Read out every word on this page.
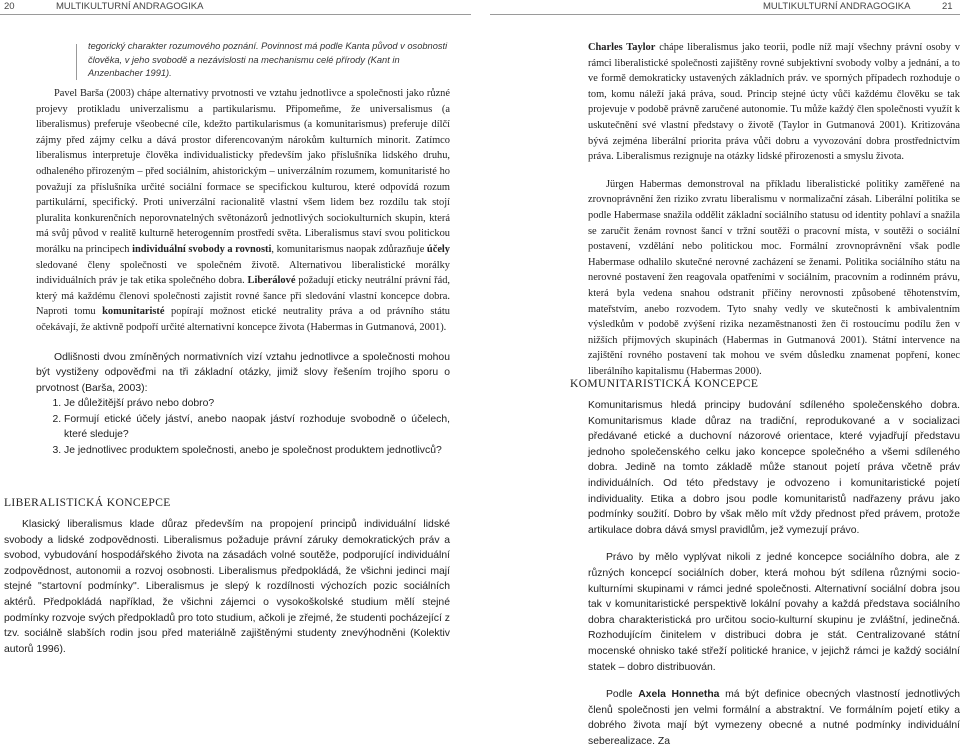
20	MULTIKULTURNÍ ANDRAGOGIKA	MULTIKULTURNÍ ANDRAGOGIKA	21
tegorický charakter rozumového poznání. Povinnost má podle Kanta původ v osobnosti člověka, v jeho svobodě a nezávislosti na mechanismu celé přírody (Kant in Anzenbacher 1991).

Pavel Barša (2003) chápe alternativy prvotnosti ve vztahu jednotlivce a společnosti jako různé projevy protikladu univerzalismu a partikularismu. Připomeňme, že universalismus (a liberalismus) preferuje všeobecné cíle, kdežto partikularismus (a komunitarismus) preferuje dílčí zájmy před zájmy celku a dává prostor diferencovaným nárokům kulturních minorit. Zatímco liberalismus interpretuje člověka individualisticky především jako příslušníka lidského druhu, odhaleného přirozeným – před sociálním, ahistorickým – univerzálním rozumem, komunitaristé ho považují za příslušníka určité sociální formace se specifickou kulturou, které odpovídá rozum partikulární, specifický. Proti univerzální racionalitě vlastní všem lidem bez rozdílu tak stojí pluralita konkurenčních neporovnatelných světonázorů jednotlivých sociokulturních skupin, která má svůj původ v realitě kulturně heterogenním prostředí světa. Liberalismus staví svou politickou morálku na principech individuální svobody a rovnosti, komunitarismus naopak zdůrazňuje účely sledované členy společnosti ve společném životě. Alternativou liberalistické morálky individuálních práv je tak etika společného dobra. Liberálové požadují eticky neutrální právní řád, který má každému členovi společnosti zajistit rovné šance při sledování vlastní koncepce dobra. Naproti tomu komunitaristé popírají možnost etické neutrality práva a od právního státu očekávají, že aktivně podpoří určité alternativní koncepce života (Habermas in Gutmanová, 2001).

Odlišnosti dvou zmíněných normativních vizí vztahu jednotlivce a společnosti mohou být vystiženy odpověďmi na tři základní otázky, jimiž slovy řešením trojího sporu o prvotnost (Barša, 2003):

1. Je důležitější právo nebo dobro?
2. Formují etické účely jáství, anebo naopak jáství rozhoduje svobodně o účelech, které sleduje?
3. Je jednotlivec produktem společnosti, anebo je společnost produktem jednotlivců?
LIBERALISTICKÁ KONCEPCE

Klasický liberalismus klade důraz především na propojení principů individuální lidské svobody a lidské zodpovědnosti. Liberalismus požaduje právní záruky demokratických práv a svobod, vybudování hospodářského života na zásadách volné soutěže, podporující individuální zodpovědnost, autonomii a rozvoj osobnosti. Liberalismus předpokládá, že všichni jedinci mají stejné "startovní podmínky". Liberalismus je slepý k rozdílnosti výchozích pozic sociálních aktérů. Předpokládá například, že všichni zájemci o vysokoškolské studium mělí stejné podmínky rozvoje svých předpokladů pro toto studium, ačkoli je zřejmé, že studenti pocházející z tzv. sociálně slabších rodin jsou před materiálně zajištěnými studenty znevýhodněni (Kolektiv autorů 1996).

Charles Taylor chápe liberalismus jako teorii, podle níž mají všechny právní osoby v rámci liberalistické společnosti zajištěny rovné subjektivní svobody volby a jednání, a to ve formě demokraticky ustavených základních práv. ve sporných případech rozhoduje o tom, komu náleží jaká práva, soud. Princip stejné úcty vůči každému člověku se tak projevuje v podobě právně zaručené autonomie. Tu může každý člen společnosti využít k uskutečnění své vlastní představy o životě (Taylor in Gutmanová 2001). Kritizována bývá zejména liberální priorita práva vůči dobru a vyvozování dobra prostřednictvím práva. Liberalismus rezignuje na otázky lidské přirozenosti a smyslu života.

Jürgen Habermas demonstroval na příkladu liberalistické politiky zaměřené na zrovnoprávnění žen riziko zvratu liberalismu v normalizační zásah. Liberální politika se podle Habermase snažila oddělit základní sociálního statusu od identity pohlaví a snažila se zaručit ženám rovnost šancí v tržní soutěži o pracovní místa, v soutěži o sociální postavení, vzdělání nebo politickou moc. Formální zrovnoprávnění však podle Habermase odhalilo skutečné nerovné zacházení se ženami. Politika sociálního státu na nerovné postavení žen reagovala opatřeními v sociálním, pracovním a rodinném právu, která byla vedena snahou odstranit příčiny nerovnosti způsobené těhotenstvím, mateřstvím, anebo rozvodem. Tyto snahy vedly ve skutečnosti k ambivalentním výsledkům v podobě zvýšení rizika nezaměstnanosti žen či rostoucímu podílu žen v nižších příjmových skupinách (Habermas in Gutmanová 2001). Státní intervence na zajištění rovného postavení tak mohou ve svém důsledku znamenat popření, konec liberálního kapitalismu (Habermas 2000).

KOMUNITARISTICKÁ KONCEPCE

Komunitarismus hledá principy budování sdíleného společenského dobra. Komunitarismus klade důraz na tradiční, reprodukované a v socializaci předávané etické a duchovní názorové orientace, které vyjadřují představu jednoho společenského celku jako koncepce společného a všemi sdíleného dobra. Jedině na tomto základě může stanout pojetí práva včetně práv individuálních. Od této představy je odvozeno i komunitaristické pojetí individuality. Etika a dobro jsou podle komunitaristů nadřazeny právu jako podmínky soužití. Dobro by však mělo mít vždy přednost před právem, protože artikulace dobra dává smysl pravidlům, jež vymezují právo.

Právo by mělo vyplývat nikoli z jedné koncepce sociálního dobra, ale z různých koncepcí sociálních dober, která mohou být sdílena různými socio-kulturními skupinami v rámci jedné společnosti. Alternativní sociální dobra jsou tak v komunitaristické perspektivě lokální povahy a každá představa sociálního dobra charakteristická pro určitou socio-kulturní skupinu je zvláštní, jedinečná. Rozhodujícím činitelem v distribuci dobra je stát. Centralizované státní mocenské ohnisko také střeží politické hranice, v jejichž rámci je každý sociální statek – dobro distribuován.

Podle Axela Honnetha má být definice obecných vlastností jednotlivých členů společnosti jen velmi formální a abstraktní. Ve formálním pojetí etiky a dobrého života mají být vymezeny obecné a nutné podmínky individuální seberealizace. Za
